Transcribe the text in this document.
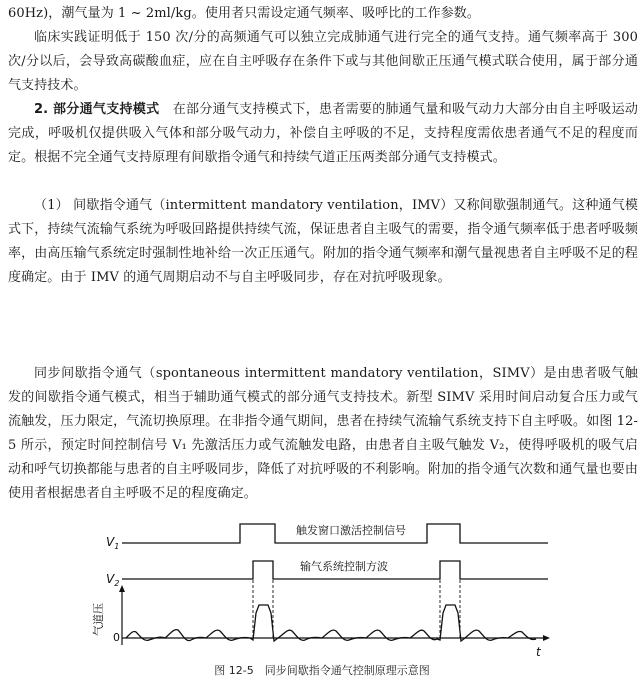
60Hz)，潮气量为 1 ~ 2ml/kg。使用者只需设定通气频率、吸呼比的工作参数。

临床实践证明低于 150 次/分的高频通气可以独立完成肺通气进行完全的通气支持。通气频率高于 300 次/分以后，会导致高碳酸血症，应在自主呼吸存在条件下或与其他间歇正压通气模式联合使用，属于部分通气支持技术。

2. 部分通气支持模式　 在部分通气支持模式下，患者需要的肺通气量和吸气动力大部分由自主呼吸运动完成，呼吸机仅提供吸入气体和部分吸气动力，补偿自主呼吸的不足，支持程度需依患者通气不足的程度而定。根据不完全通气支持原理有间歇指令通气和持续气道正压两类部分通气支持模式。

（1） 间歇指令通气（intermittent mandatory ventilation，IMV）又称间歇强制通气。这种通气模式下，持续气流输气系统为呼吸回路提供持续气流，保证患者自主吸气的需要，指令通气频率低于患者呼吸频率，由高压输气系统定时强制性地补给一次正压通气。附加的指令通气频率和潮气量视患者自主呼吸不足的程度确定。由于 IMV 的通气周期启动不与自主呼吸同步，存在对抗呼吸现象。

同步间歇指令通气（spontaneous intermittent mandatory ventilation，SIMV）是由患者吸气触发的间歇指令通气模式，相当于辅助通气模式的部分通气支持技术。新型 SIMV 采用时间启动复合压力或气流触发，压力限定，气流切换原理。在非指令通气期间，患者在持续气流输气系统支持下自主呼吸。如图 12-5 所示，预定时间控制信号 V₁ 先激活压力或气流触发电路，由患者自主吸气触发 V₂，使得呼吸机的吸气启动和呼气切换都能与患者的自主呼吸同步，降低了对抗呼吸的不利影响。附加的指令通气次数和通气量也要由使用者根据患者自主呼吸不足的程度确定。

$V_1$
触发窗口激活控制信号
$V_2$
输气系统控制方波
气道压
0
t
图 12-5　同步间歇指令通气控制原理示意图
